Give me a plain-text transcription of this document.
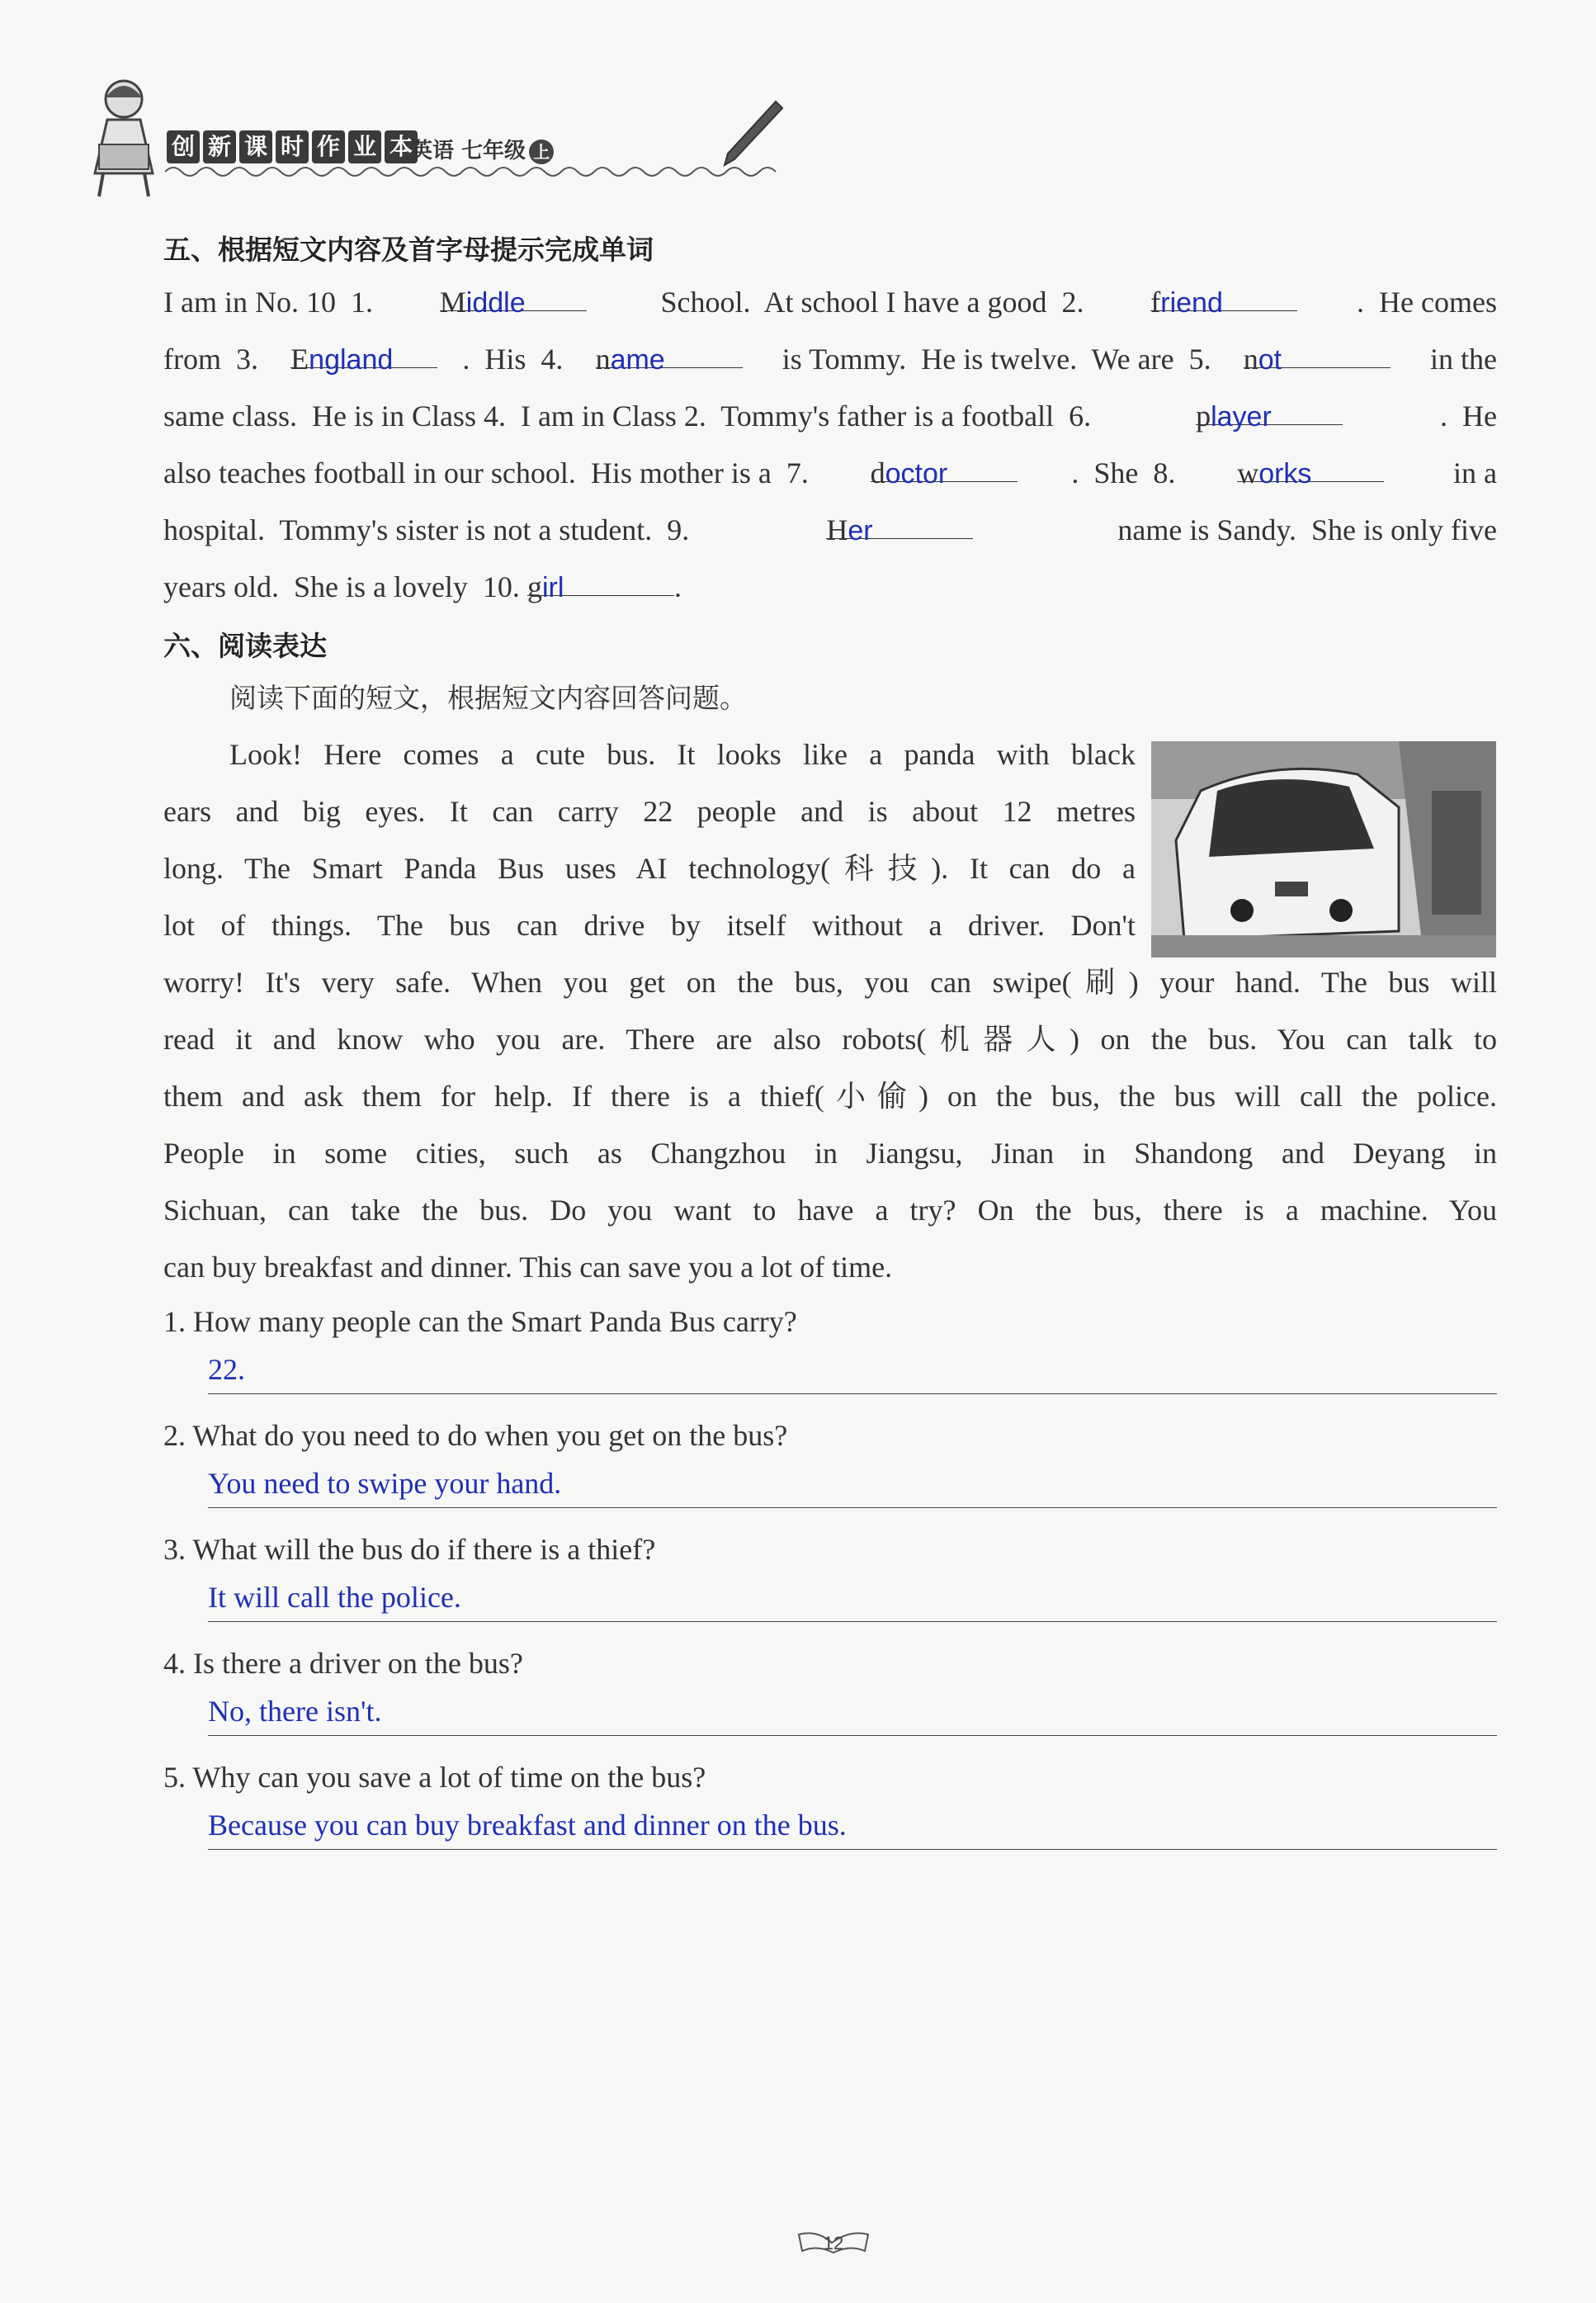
创 新 课 时 作 业 本
英语 七年级 上
五、根据短文内容及首字母提示完成单词
I am in No. 10  1. Middle	School.  At school I have a good  2. friend	.  He comes
from  3. England	.  His  4. name	is Tommy.  He is twelve.  We are  5. not	in the
same class.  He is in Class 4.  I am in Class 2.  Tommy's father is a football  6.	player	.  He
also teaches football in our school.  His mother is a  7. doctor	.  She  8. works	in a
hospital.  Tommy's sister is not a student.  9.	Her	name is Sandy.  She is only five
years old.  She is a lovely  10. girl	.
六、阅读表达
阅读下面的短文，根据短文内容回答问题。
Look! Here comes a cute bus. It looks like a panda with black
ears and big eyes. It can carry 22 people and is about 12 metres
long. The Smart Panda Bus uses AI technology(科技). It can do a
lot of things. The bus can drive by itself without a driver. Don't
worry! It's very safe. When you get on the bus, you can swipe(刷) your hand. The bus will
read it and know who you are. There are also robots(机器人) on the bus. You can talk to
them and ask them for help. If there is a thief(小偷) on the bus, the bus will call the police.
People in some cities, such as Changzhou in Jiangsu, Jinan in Shandong and Deyang in
Sichuan, can take the bus. Do you want to have a try? On the bus, there is a machine. You
can buy breakfast and dinner. This can save you a lot of time.
1. How many people can the Smart Panda Bus carry?
22.
2. What do you need to do when you get on the bus?
You need to swipe your hand.
3. What will the bus do if there is a thief?
It will call the police.
4. Is there a driver on the bus?
No, there isn't.
5. Why can you save a lot of time on the bus?
Because you can buy breakfast and dinner on the bus.
12
